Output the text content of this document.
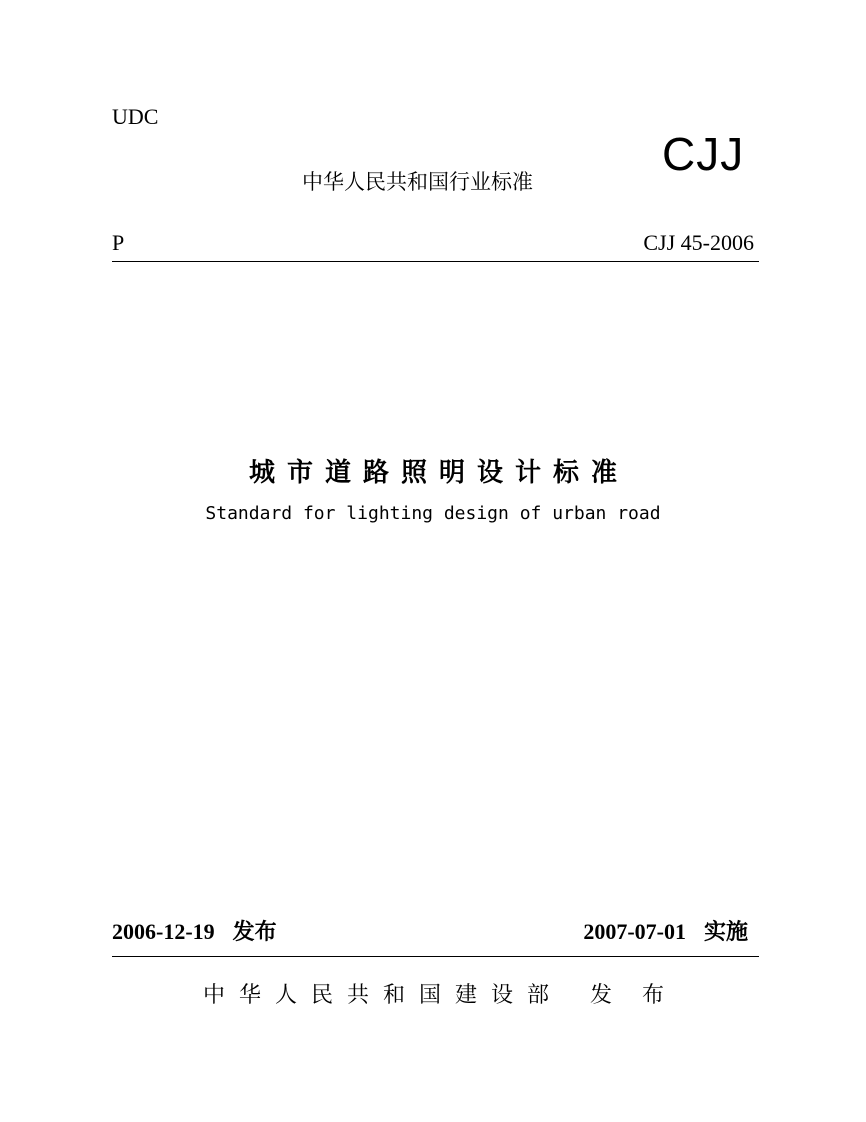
UDC
CJJ
中华人民共和国行业标准
P	CJJ 45-2006
城市道路照明设计标准
Standard for lighting design of urban road
2006-12-19 发布	2007-07-01 实施
中华人民共和国建设部 发布
